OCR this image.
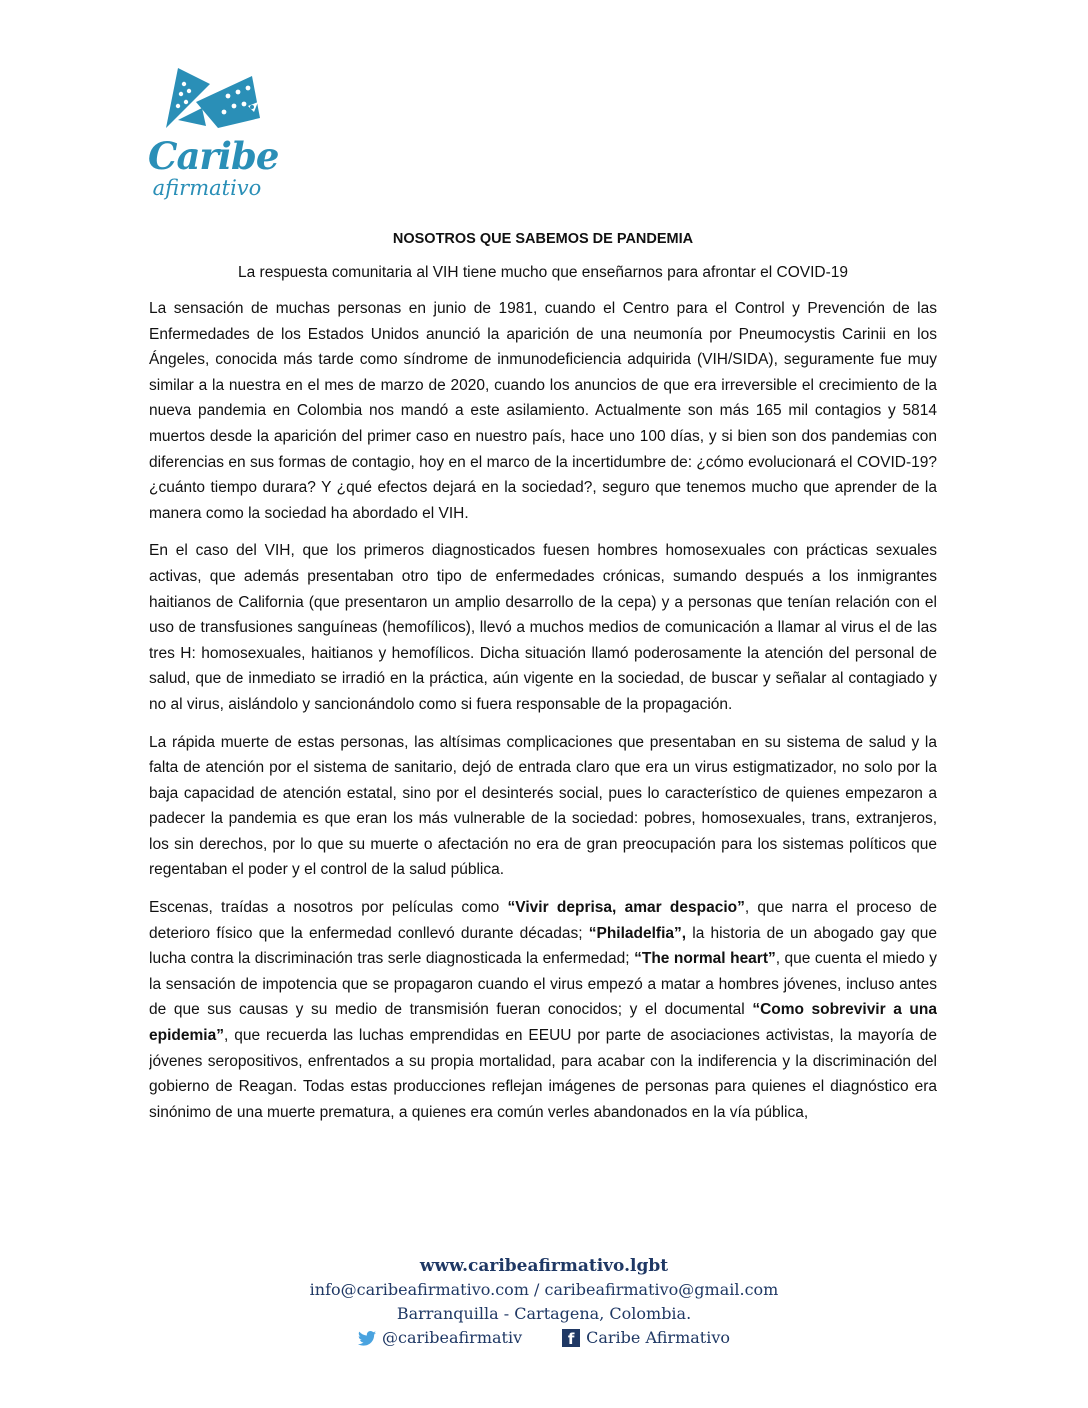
Caribe
afirmativo
NOSOTROS QUE SABEMOS DE PANDEMIA
La respuesta comunitaria al VIH tiene mucho que enseñarnos para afrontar el COVID-19

La sensación de muchas personas en junio de 1981, cuando el Centro para el Control y Prevención de las Enfermedades de los Estados Unidos anunció la aparición de una neumonía por Pneumocystis Carinii en los Ángeles, conocida más tarde como síndrome de inmunodeficiencia adquirida (VIH/SIDA), seguramente fue muy similar a la nuestra en el mes de marzo de 2020, cuando los anuncios de que era irreversible el crecimiento de la nueva pandemia en Colombia nos mandó a este asilamiento. Actualmente son más 165 mil contagios y 5814 muertos desde la aparición del primer caso en nuestro país, hace uno 100 días, y si bien son dos pandemias con diferencias en sus formas de contagio, hoy en el marco de la incertidumbre de: ¿cómo evolucionará el COVID-19? ¿cuánto tiempo durara? Y ¿qué efectos dejará en la sociedad?, seguro que tenemos mucho que aprender de la manera como la sociedad ha abordado el VIH.

En el caso del VIH, que los primeros diagnosticados fuesen hombres homosexuales con prácticas sexuales activas, que además presentaban otro tipo de enfermedades crónicas, sumando después a los inmigrantes haitianos de California (que presentaron un amplio desarrollo de la cepa) y a personas que tenían relación con el uso de transfusiones sanguíneas (hemofílicos), llevó a muchos medios de comunicación a llamar al virus el de las tres H: homosexuales, haitianos y hemofílicos. Dicha situación llamó poderosamente la atención del personal de salud, que de inmediato se irradió en la práctica, aún vigente en la sociedad, de buscar y señalar al contagiado y no al virus, aislándolo y sancionándolo como si fuera responsable de la propagación.

La rápida muerte de estas personas, las altísimas complicaciones que presentaban en su sistema de salud y la falta de atención por el sistema de sanitario, dejó de entrada claro que era un virus estigmatizador, no solo por la baja capacidad de atención estatal, sino por el desinterés social, pues lo característico de quienes empezaron a padecer la pandemia es que eran los más vulnerable de la sociedad: pobres, homosexuales, trans, extranjeros, los sin derechos, por lo que su muerte o afectación no era de gran preocupación para los sistemas políticos que regentaban el poder y el control de la salud pública.

Escenas, traídas a nosotros por películas como “Vivir deprisa, amar despacio”, que narra el proceso de deterioro físico que la enfermedad conllevó durante décadas; “Philadelfia”, la historia de un abogado gay que lucha contra la discriminación tras serle diagnosticada la enfermedad; “The normal heart”, que cuenta el miedo y la sensación de impotencia que se propagaron cuando el virus empezó a matar a hombres jóvenes, incluso antes de que sus causas y su medio de transmisión fueran conocidos; y el documental “Como sobrevivir a una epidemia”, que recuerda las luchas emprendidas en EEUU por parte de asociaciones activistas, la mayoría de jóvenes seropositivos, enfrentados a su propia mortalidad, para acabar con la indiferencia y la discriminación del gobierno de Reagan. Todas estas producciones reflejan imágenes de personas para quienes el diagnóstico era sinónimo de una muerte prematura, a quienes era común verles abandonados en la vía pública,

www.caribeafirmativo.lgbt
info@caribeafirmativo.com / caribeafirmativo@gmail.com
Barranquilla - Cartagena, Colombia.
@caribeafirmativ	f Caribe Afirmativo
